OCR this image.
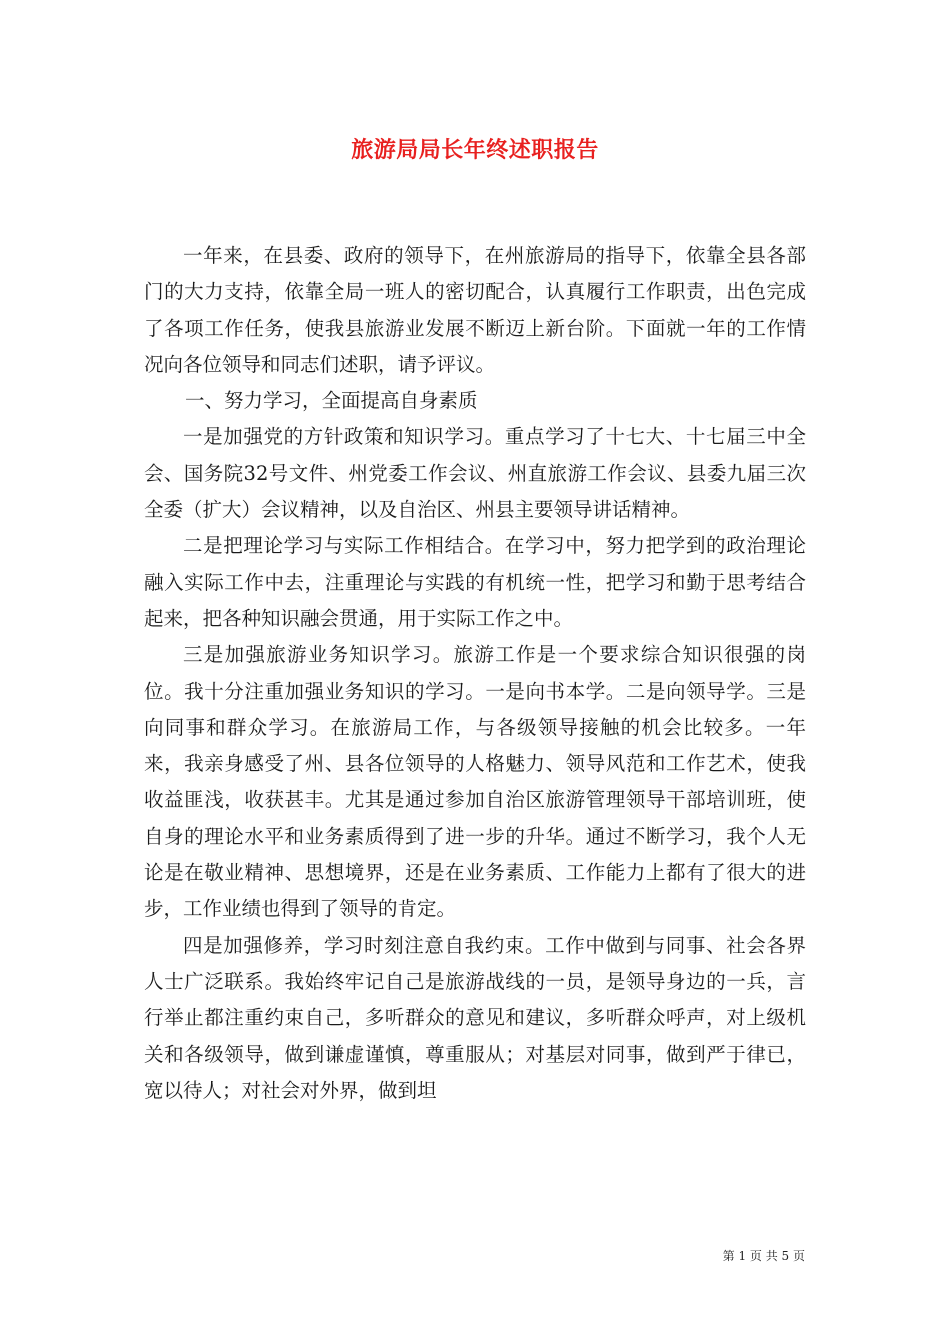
旅游局局长年终述职报告

一年来，在县委、政府的领导下，在州旅游局的指导下，依靠全县各部门的大力支持，依靠全局一班人的密切配合，认真履行工作职责，出色完成了各项工作任务，使我县旅游业发展不断迈上新台阶。下面就一年的工作情况向各位领导和同志们述职，请予评议。

一、努力学习，全面提高自身素质

一是加强党的方针政策和知识学习。重点学习了十七大、十七届三中全会、国务院32号文件、州党委工作会议、州直旅游工作会议、县委九届三次全委（扩大）会议精神，以及自治区、州县主要领导讲话精神。

二是把理论学习与实际工作相结合。在学习中，努力把学到的政治理论融入实际工作中去，注重理论与实践的有机统一性，把学习和勤于思考结合起来，把各种知识融会贯通，用于实际工作之中。

三是加强旅游业务知识学习。旅游工作是一个要求综合知识很强的岗位。我十分注重加强业务知识的学习。一是向书本学。二是向领导学。三是向同事和群众学习。在旅游局工作，与各级领导接触的机会比较多。一年来，我亲身感受了州、县各位领导的人格魅力、领导风范和工作艺术，使我收益匪浅，收获甚丰。尤其是通过参加自治区旅游管理领导干部培训班，使自身的理论水平和业务素质得到了进一步的升华。通过不断学习，我个人无论是在敬业精神、思想境界，还是在业务素质、工作能力上都有了很大的进步，工作业绩也得到了领导的肯定。

四是加强修养，学习时刻注意自我约束。工作中做到与同事、社会各界人士广泛联系。我始终牢记自己是旅游战线的一员，是领导身边的一兵，言行举止都注重约束自己，多听群众的意见和建议，多听群众呼声，对上级机关和各级领导，做到谦虚谨慎，尊重服从；对基层对同事，做到严于律已，宽以待人；对社会对外界，做到坦

第 1 页 共 5 页
